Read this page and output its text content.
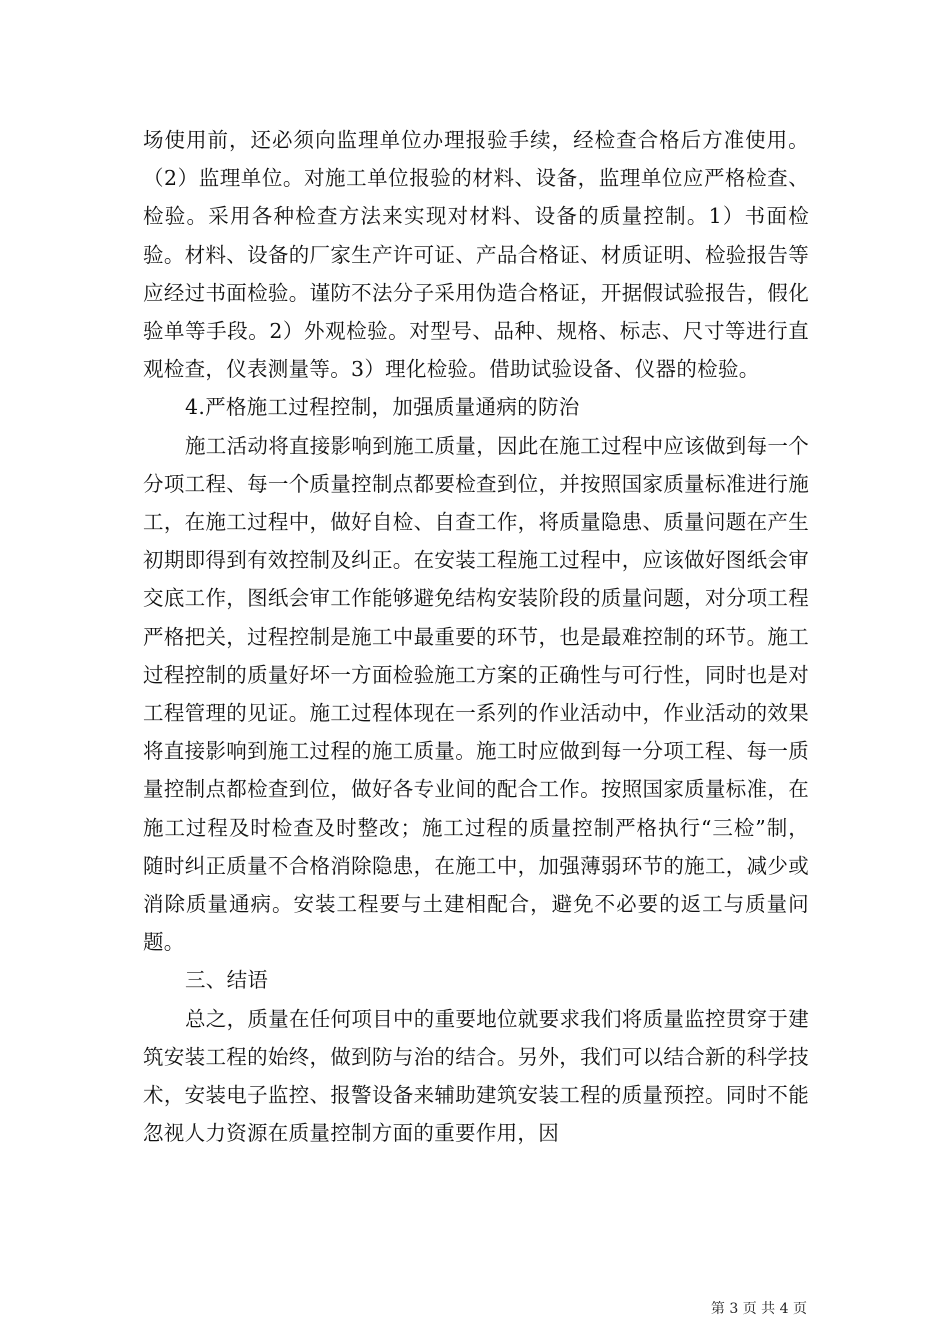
场使用前，还必须向监理单位办理报验手续，经检查合格后方准使用。（2）监理单位。对施工单位报验的材料、设备，监理单位应严格检查、检验。采用各种检查方法来实现对材料、设备的质量控制。1）书面检验。材料、设备的厂家生产许可证、产品合格证、材质证明、检验报告等应经过书面检验。谨防不法分子采用伪造合格证，开据假试验报告，假化验单等手段。2）外观检验。对型号、品种、规格、标志、尺寸等进行直观检查，仪表测量等。3）理化检验。借助试验设备、仪器的检验。

4.严格施工过程控制，加强质量通病的防治

施工活动将直接影响到施工质量，因此在施工过程中应该做到每一个分项工程、每一个质量控制点都要检查到位，并按照国家质量标准进行施工，在施工过程中，做好自检、自查工作，将质量隐患、质量问题在产生初期即得到有效控制及纠正。在安装工程施工过程中，应该做好图纸会审交底工作，图纸会审工作能够避免结构安装阶段的质量问题，对分项工程严格把关，过程控制是施工中最重要的环节，也是最难控制的环节。施工过程控制的质量好坏一方面检验施工方案的正确性与可行性，同时也是对工程管理的见证。施工过程体现在一系列的作业活动中，作业活动的效果将直接影响到施工过程的施工质量。施工时应做到每一分项工程、每一质量控制点都检查到位，做好各专业间的配合工作。按照国家质量标准，在施工过程及时检查及时整改；施工过程的质量控制严格执行“三检”制，随时纠正质量不合格消除隐患，在施工中，加强薄弱环节的施工，减少或消除质量通病。安装工程要与土建相配合，避免不必要的返工与质量问题。

三、结语

总之，质量在任何项目中的重要地位就要求我们将质量监控贯穿于建筑安装工程的始终，做到防与治的结合。另外，我们可以结合新的科学技术，安装电子监控、报警设备来辅助建筑安装工程的质量预控。同时不能忽视人力资源在质量控制方面的重要作用，因

第 3 页 共 4 页
